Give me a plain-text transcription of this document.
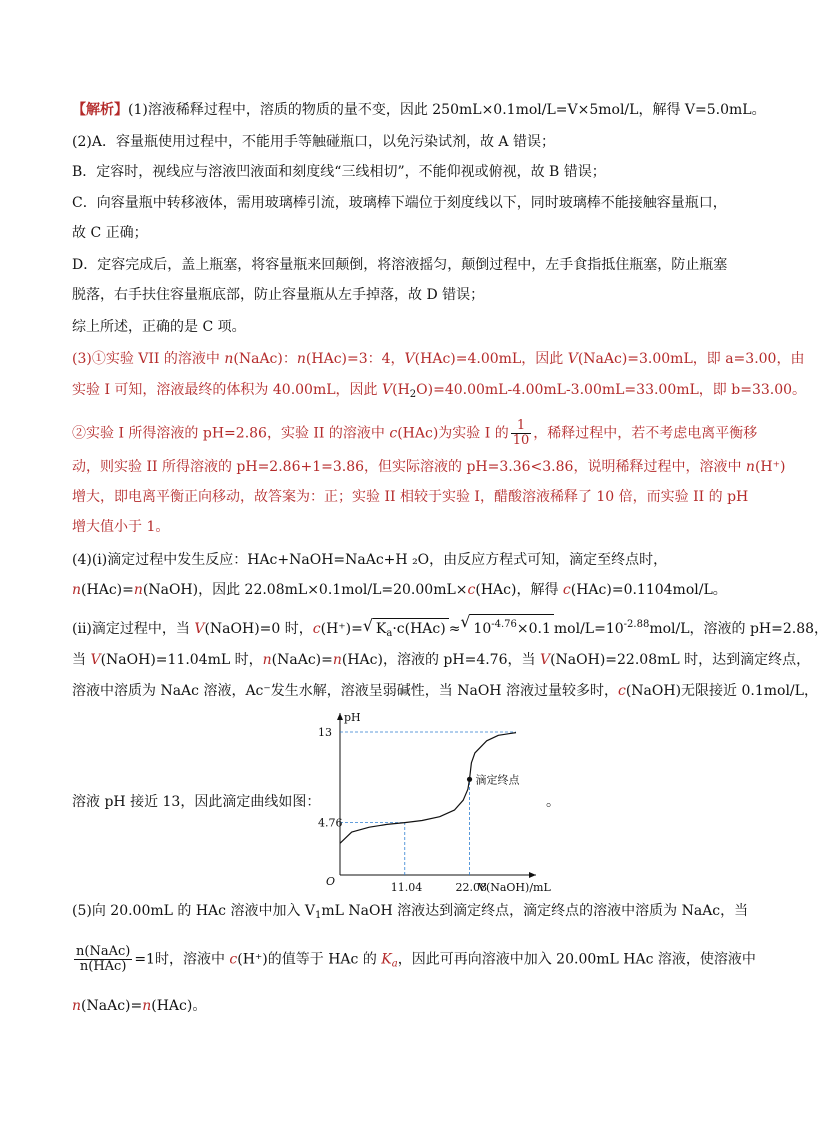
【解析】(1)溶液稀释过程中，溶质的物质的量不变，因此 250mL×0.1mol/L=V×5mol/L，解得 V=5.0mL。
(2)A．容量瓶使用过程中，不能用手等触碰瓶口，以免污染试剂，故 A 错误；
B．定容时，视线应与溶液凹液面和刻度线“三线相切”，不能仰视或俯视，故 B 错误；
C．向容量瓶中转移液体，需用玻璃棒引流，玻璃棒下端位于刻度线以下，同时玻璃棒不能接触容量瓶口，
故 C 正确；
D．定容完成后，盖上瓶塞，将容量瓶来回颠倒，将溶液摇匀，颠倒过程中，左手食指抵住瓶塞，防止瓶塞
脱落，右手扶住容量瓶底部，防止容量瓶从左手掉落，故 D 错误；
综上所述，正确的是 C 项。
(3)①实验 VII 的溶液中 n(NaAc)：n(HAc)=3：4，V(HAc)=4.00mL，因此 V(NaAc)=3.00mL，即 a=3.00，由
实验 I 可知，溶液最终的体积为 40.00mL，因此 $V(H_2O)=40.00mL-4.00mL-3.00mL=33.00mL$，即 b=33.00。
动，则实验 II 所得溶液的 pH=2.86+1=3.86，但实际溶液的 pH=3.36<3.86，说明稀释过程中，溶液中 n(H⁺)
增大，即电离平衡正向移动，故答案为：正；实验 II 相较于实验 I，醋酸溶液稀释了 10 倍，而实验 II 的 pH
增大值小于 1。
(4)(i)滴定过程中发生反应：HAc+NaOH=NaAc+H ₂O，由反应方程式可知，滴定至终点时，
n(HAc)=n(NaOH)，因此 22.08mL×0.1mol/L=20.00mL×c(HAc)，解得 c(HAc)=0.1104mol/L。
当 V(NaOH)=11.04mL 时，n(NaAc)=n(HAc)，溶液的 pH=4.76，当 V(NaOH)=22.08mL 时，达到滴定终点，
溶液中溶质为 NaAc 溶液，Ac⁻发生水解，溶液呈弱碱性，当 NaOH 溶液过量较多时，c(NaOH)无限接近 0.1mol/L，
(5)向 20.00mL 的 HAc 溶液中加入 $V_1mL$ NaOH 溶液达到滴定终点，滴定终点的溶液中溶质为 NaAc，当
n(NaAc)=n(HAc)。
②实验 I 所得溶液的 pH=2.86，实验 II 的溶液中 c(HAc)为实验 I 的 $\frac{1}{10}$ ，稀释过程中，若不考虑电离平衡移
(ii)滴定过程中，当 V(NaOH)=0 时，c(H⁺)= √ $K_a\cdot c(HAc)$ ≈ √ $10^{-4.76}\times 0.1$ mol/$L=10^{-2.88}mol/L$，溶液的 pH=2.88，
溶液 pH 接近 13，因此滴定曲线如图：	。
pH
V(NaOH)/mL
O
4.76
13
11.04	22.08
滴定终点
$\frac{\text{n(NaAc)}}{\text{n(HAc)}} =1$时，溶液中 c(H⁺)的值等于 HAc 的 $K_a$，因此可再向溶液中加入 20.00mL HAc 溶液，使溶液中
